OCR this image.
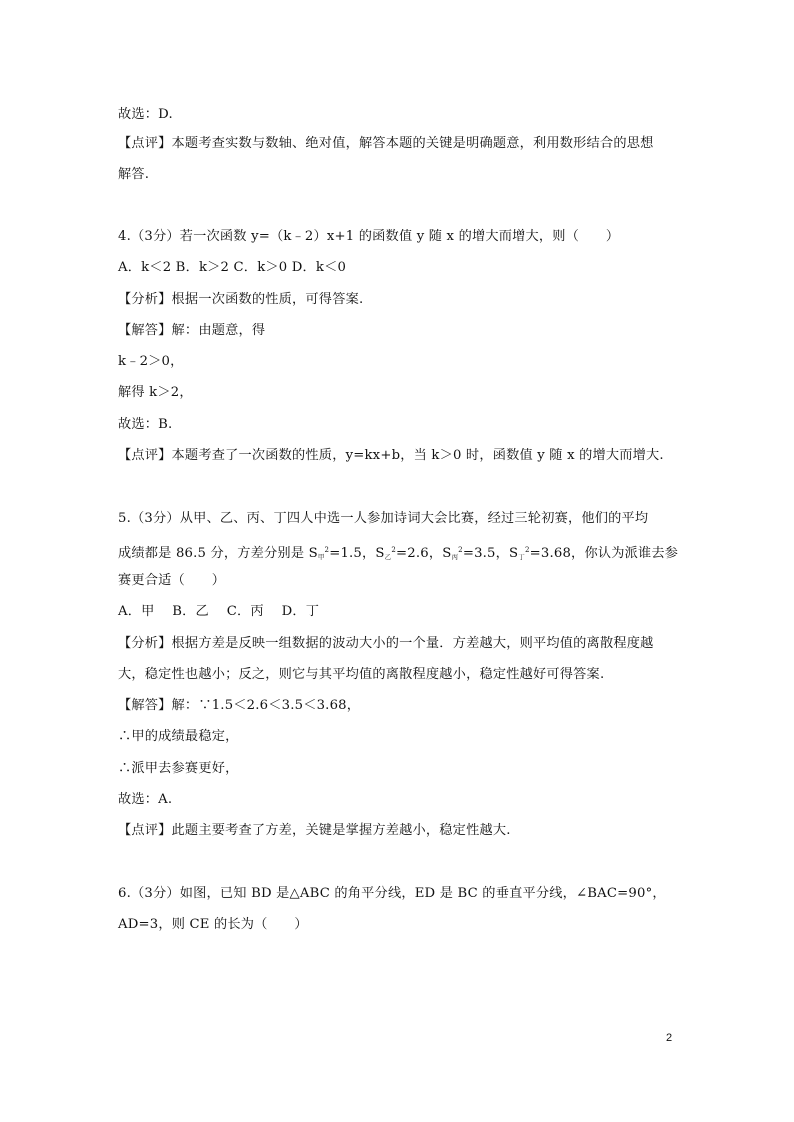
故选：D.
【点评】本题考查实数与数轴、绝对值，解答本题的关键是明确题意，利用数形结合的思想
解答.
4.（3分）若一次函数 y=（k﹣2）x+1 的函数值 y 随 x 的增大而增大，则（　　）
A．k＜2 B．k＞2 C．k＞0 D．k＜0
【分析】根据一次函数的性质，可得答案.
【解答】解：由题意，得
k﹣2＞0，
解得 k＞2，
故选：B.
【点评】本题考查了一次函数的性质，y=kx+b，当 k＞0 时，函数值 y 随 x 的增大而增大.
5.（3分）从甲、乙、丙、丁四人中选一人参加诗词大会比赛，经过三轮初赛，他们的平均
成绩都是 86.5 分，方差分别是 $S_甲^2=1.5$，$S_乙^2=2.6$，$S_丙^2=3.5$，$S_丁^2=3.68$，你认为派谁去参
赛更合适（　　）
A．甲　 B．乙　 C．丙　 D．丁
【分析】根据方差是反映一组数据的波动大小的一个量．方差越大，则平均值的离散程度越
大，稳定性也越小；反之，则它与其平均值的离散程度越小，稳定性越好可得答案.
【解答】解：∵1.5＜2.6＜3.5＜3.68，
∴甲的成绩最稳定，
∴派甲去参赛更好，
故选：A.
【点评】此题主要考查了方差，关键是掌握方差越小，稳定性越大.
6.（3分）如图，已知 BD 是△ABC 的角平分线，ED 是 BC 的垂直平分线，∠BAC=90°，
AD=3，则 CE 的长为（　　）
2
